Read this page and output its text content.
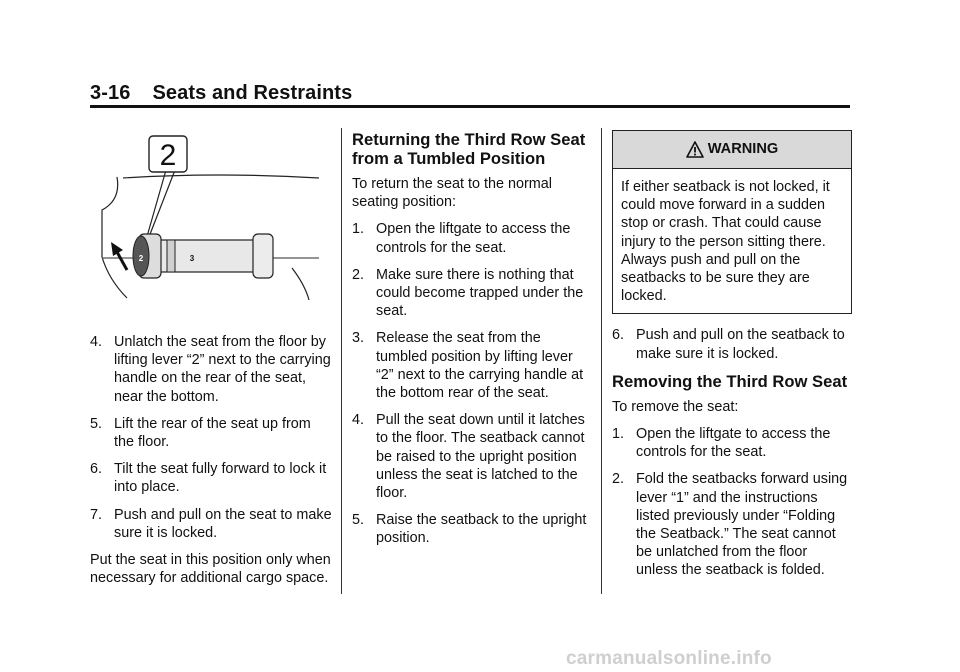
3-16 Seats and Restraints
2
2	3
4. Unlatch the seat from the floor by lifting lever “2” next to the carrying handle on the rear of the seat, near the bottom.
5. Lift the rear of the seat up from the floor.
6. Tilt the seat fully forward to lock it into place.
7. Push and pull on the seat to make sure it is locked.

Put the seat in this position only when necessary for additional cargo space.

Returning the Third Row Seat from a Tumbled Position

To return the seat to the normal seating position:

1. Open the liftgate to access the controls for the seat.
2. Make sure there is nothing that could become trapped under the seat.
3. Release the seat from the tumbled position by lifting lever “2” next to the carrying handle at the bottom rear of the seat.
4. Pull the seat down until it latches to the floor. The seatback cannot be raised to the upright position unless the seat is latched to the floor.
5. Raise the seatback to the upright position.
WARNING
If either seatback is not locked, it could move forward in a sudden stop or crash. That could cause injury to the person sitting there. Always push and pull on the seatbacks to be sure they are locked.
6. Push and pull on the seatback to make sure it is locked.
Removing the Third Row Seat

To remove the seat:

1. Open the liftgate to access the controls for the seat.
2. Fold the seatbacks forward using lever “1” and the instructions listed previously under “Folding the Seatback.” The seat cannot be unlatched from the floor unless the seatback is folded.
carmanualsonline.info
